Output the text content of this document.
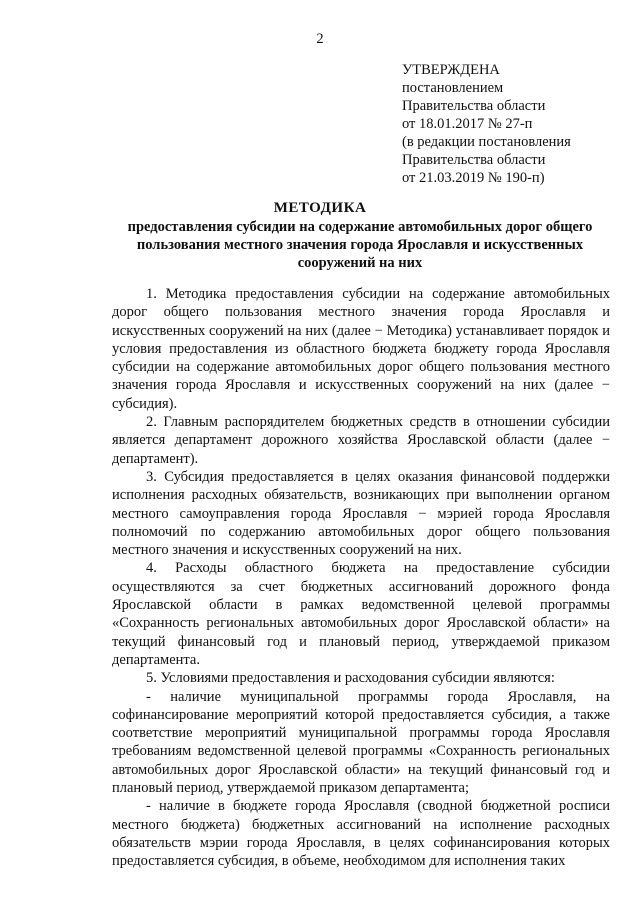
2
УТВЕРЖДЕНА
постановлением
Правительства области
от 18.01.2017 № 27-п
(в редакции постановления
Правительства области
от 21.03.2019 № 190-п)
МЕТОДИКА
предоставления субсидии на содержание автомобильных дорог общего
пользования местного значения города Ярославля и искусственных
сооружений на них

1. Методика предоставления субсидии на содержание автомобильных дорог общего пользования местного значения города Ярославля и искусственных сооружений на них (далее − Методика) устанавливает порядок и условия предоставления из областного бюджета бюджету города Ярославля субсидии на содержание автомобильных дорог общего пользования местного значения города Ярославля и искусственных сооружений на них (далее − субсидия).

2. Главным распорядителем бюджетных средств в отношении субсидии является департамент дорожного хозяйства Ярославской области (далее − департамент).

3. Субсидия предоставляется в целях оказания финансовой поддержки исполнения расходных обязательств, возникающих при выполнении органом местного самоуправления города Ярославля − мэрией города Ярославля полномочий по содержанию автомобильных дорог общего пользования местного значения и искусственных сооружений на них.

4. Расходы областного бюджета на предоставление субсидии осуществляются за счет бюджетных ассигнований дорожного фонда Ярославской области в рамках ведомственной целевой программы «Сохранность региональных автомобильных дорог Ярославской области» на текущий финансовый год и плановый период, утверждаемой приказом департамента.

5. Условиями предоставления и расходования субсидии являются:

- наличие муниципальной программы города Ярославля, на софинансирование мероприятий которой предоставляется субсидия, а также соответствие мероприятий муниципальной программы города Ярославля требованиям ведомственной целевой программы «Сохранность региональных автомобильных дорог Ярославской области» на текущий финансовый год и плановый период, утверждаемой приказом департамента;

- наличие в бюджете города Ярославля (сводной бюджетной росписи местного бюджета) бюджетных ассигнований на исполнение расходных обязательств мэрии города Ярославля, в целях софинансирования которых предоставляется субсидия, в объеме, необходимом для исполнения таких
